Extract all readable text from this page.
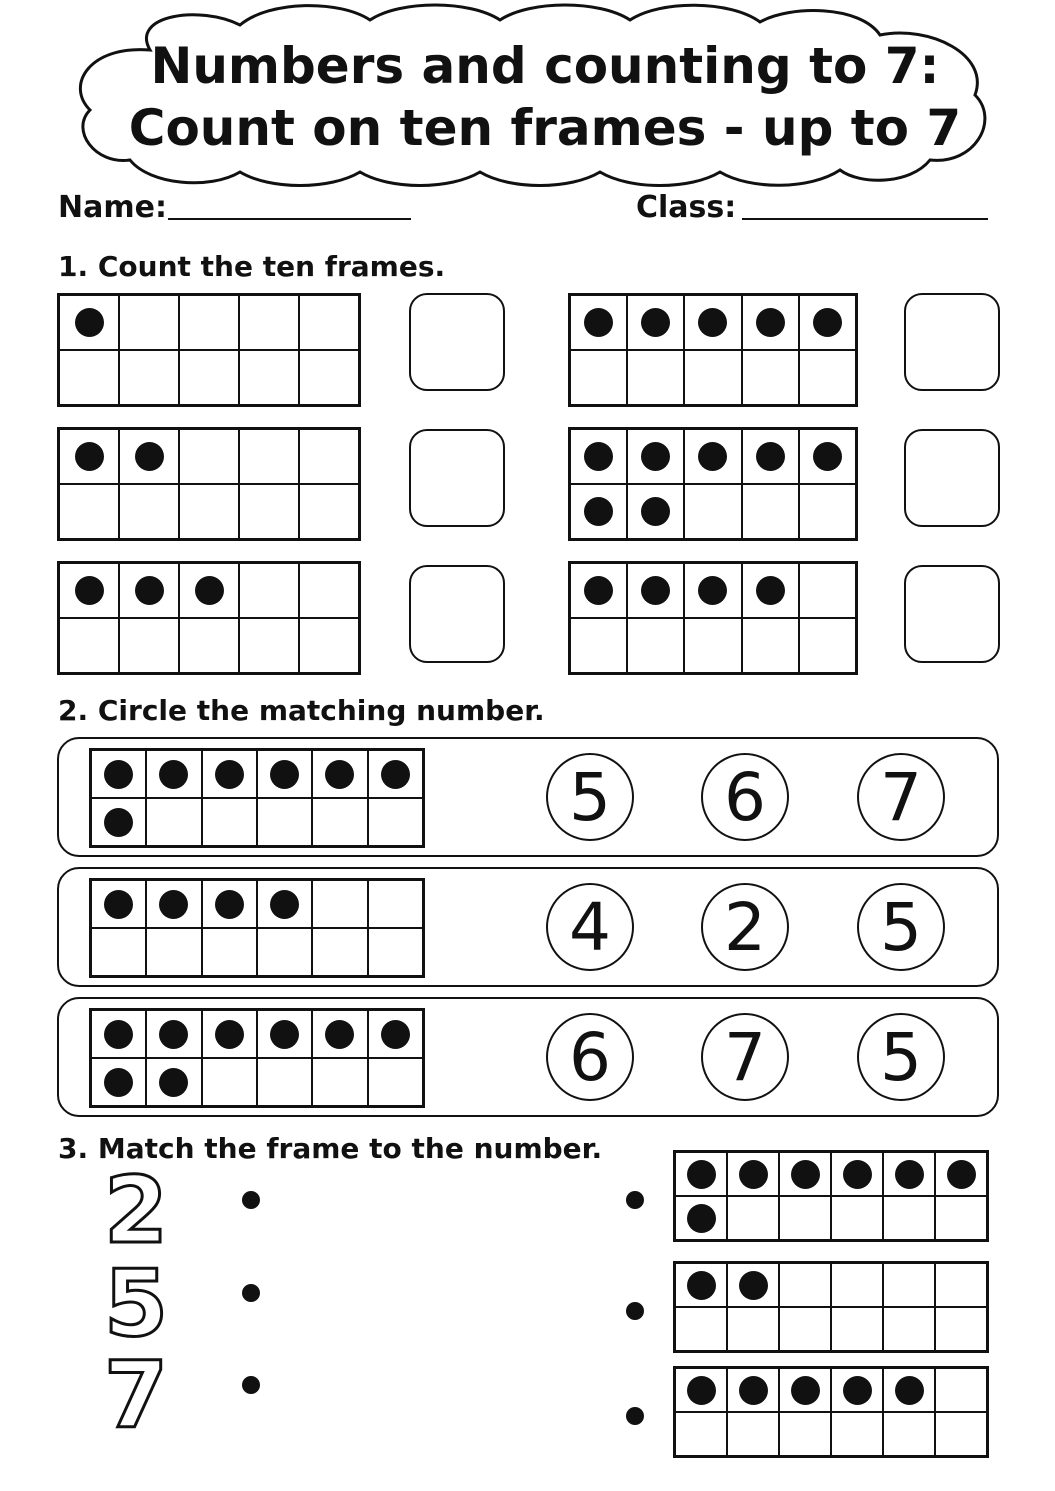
Numbers and counting to 7:
Count on ten frames - up to 7
Name:	Class:
1. Count the ten frames.
2. Circle the matching number.
5	6	7
4	2	5
6	7	5
3. Match the frame to the number.
2
5
7
